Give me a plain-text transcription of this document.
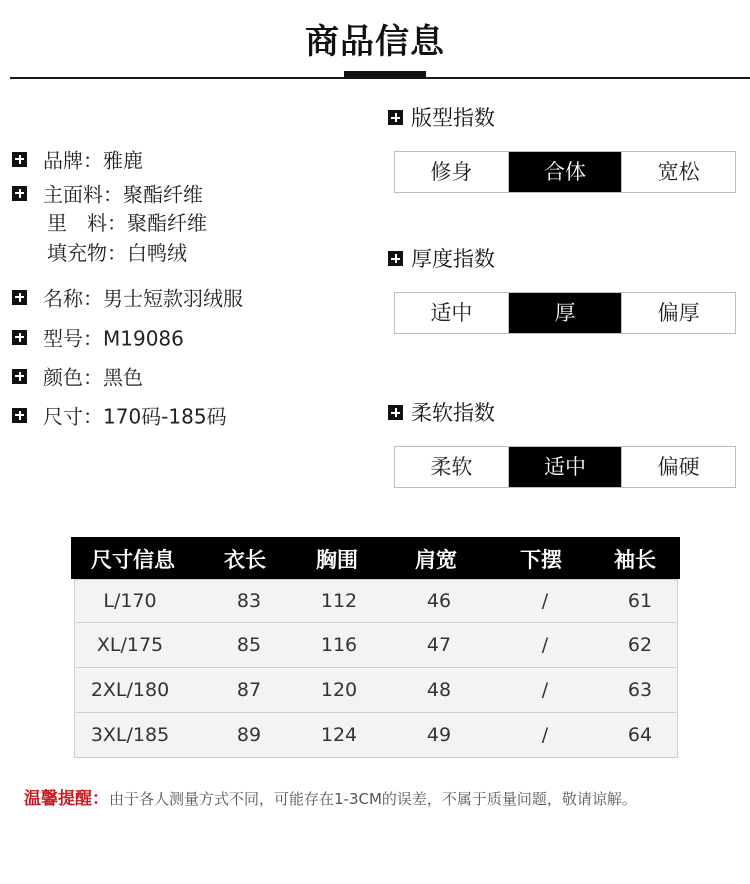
商品信息
品牌：雅鹿
主面料：聚酯纤维
里　料：聚酯纤维
填充物：白鸭绒
名称：男士短款羽绒服
型号：M19086
颜色：黑色
尺寸：170码-185码
版型指数
修身	合体	宽松
厚度指数
适中	厚	偏厚
柔软指数
柔软	适中	偏硬
尺寸信息	衣长	胸围	肩宽	下摆	袖长
L/170	83	112	46	/	61
XL/175	85	116	47	/	62
2XL/180	87	120	48	/	63
3XL/185	89	124	49	/	64
温馨提醒：由于各人测量方式不同，可能存在1-3CM的误差，不属于质量问题，敬请谅解。
